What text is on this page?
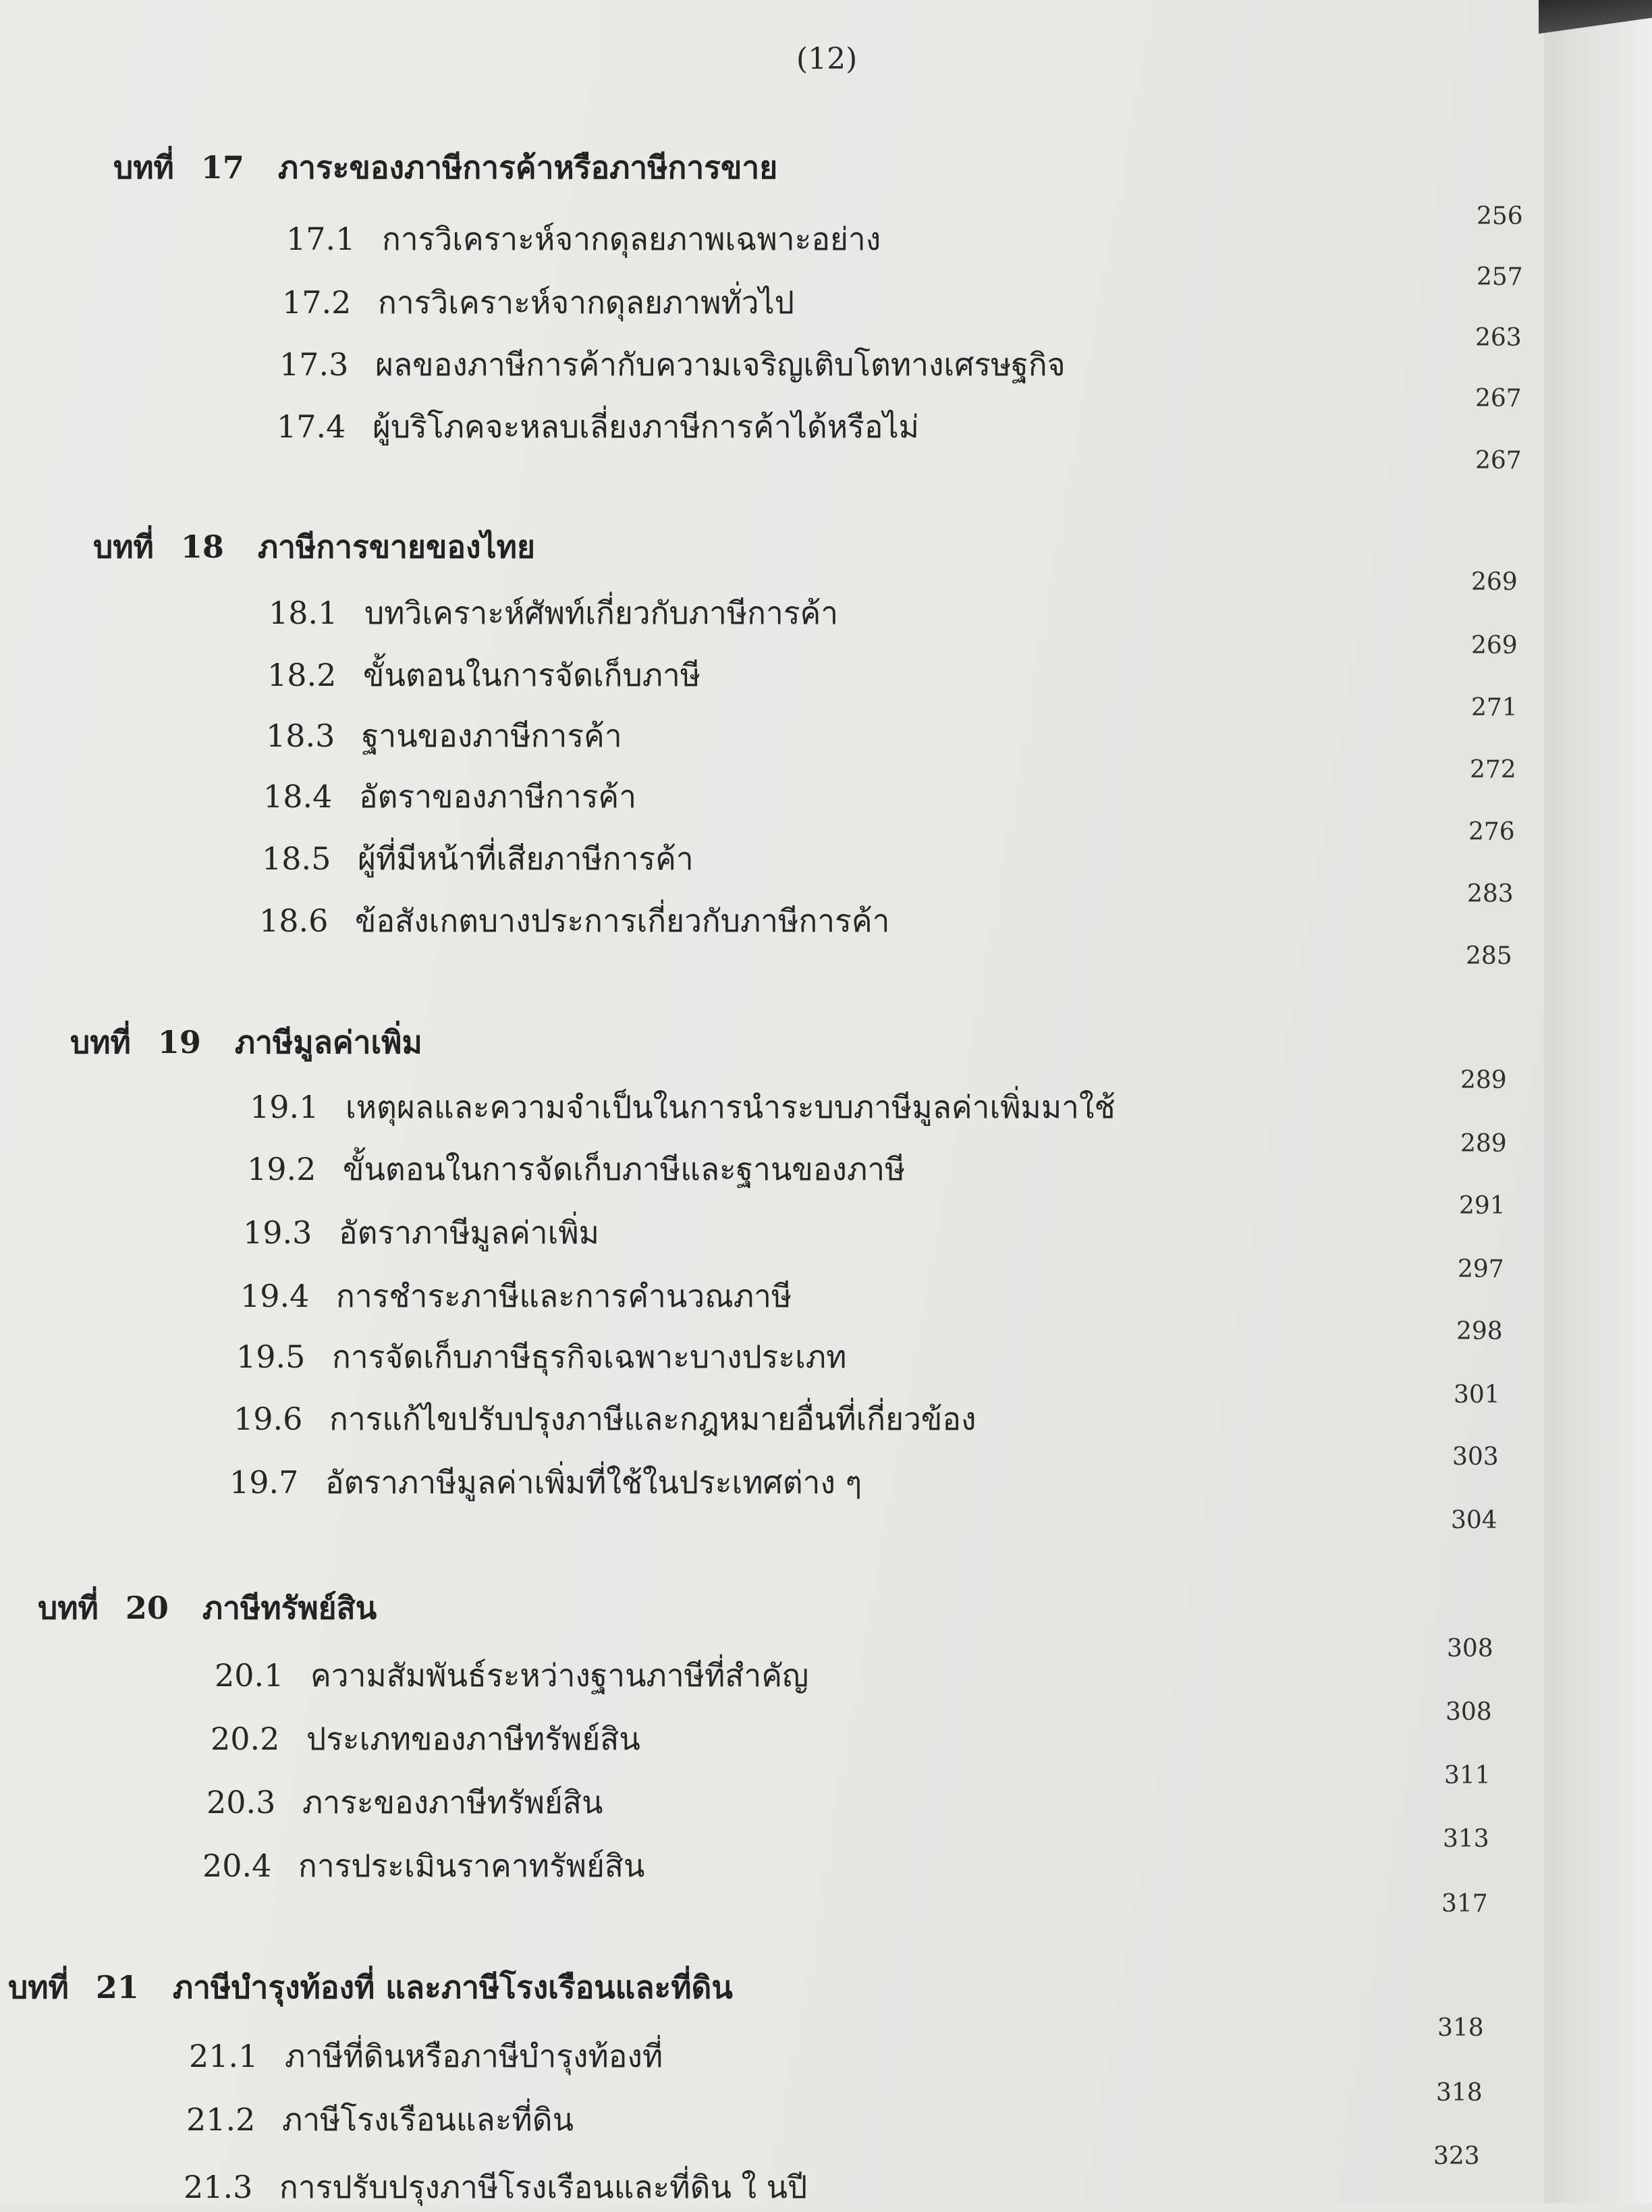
(12)
บทที่ 17 ภาระของภาษีการค้าหรือภาษีการขาย
256
17.1 การวิเคราะห์จากดุลยภาพเฉพาะอย่าง
257
17.2 การวิเคราะห์จากดุลยภาพทั่วไป
263
17.3 ผลของภาษีการค้ากับความเจริญเติบโตทางเศรษฐกิจ
267
17.4 ผู้บริโภคจะหลบเลี่ยงภาษีการค้าได้หรือไม่
267
บทที่ 18 ภาษีการขายของไทย
269
18.1 บทวิเคราะห์ศัพท์เกี่ยวกับภาษีการค้า
269
18.2 ขั้นตอนในการจัดเก็บภาษี
271
18.3 ฐานของภาษีการค้า
272
18.4 อัตราของภาษีการค้า
276
18.5 ผู้ที่มีหน้าที่เสียภาษีการค้า
283
18.6 ข้อสังเกตบางประการเกี่ยวกับภาษีการค้า
285
บทที่ 19 ภาษีมูลค่าเพิ่ม
289
19.1 เหตุผลและความจำเป็นในการนำระบบภาษีมูลค่าเพิ่มมาใช้
289
19.2 ขั้นตอนในการจัดเก็บภาษีและฐานของภาษี
291
19.3 อัตราภาษีมูลค่าเพิ่ม
297
19.4 การชำระภาษีและการคำนวณภาษี
298
19.5 การจัดเก็บภาษีธุรกิจเฉพาะบางประเภท
301
19.6 การแก้ไขปรับปรุงภาษีและกฎหมายอื่นที่เกี่ยวข้อง
303
19.7 อัตราภาษีมูลค่าเพิ่มที่ใช้ในประเทศต่าง ๆ
304
บทที่ 20 ภาษีทรัพย์สิน
308
20.1 ความสัมพันธ์ระหว่างฐานภาษีที่สำคัญ
308
20.2 ประเภทของภาษีทรัพย์สิน
311
20.3 ภาระของภาษีทรัพย์สิน
313
20.4 การประเมินราคาทรัพย์สิน
317
บทที่ 21 ภาษีบำรุงท้องที่ และภาษีโรงเรือนและที่ดิน
318
21.1 ภาษีที่ดินหรือภาษีบำรุงท้องที่
318
21.2 ภาษีโรงเรือนและที่ดิน
323
21.3 การปรับปรุงภาษีโรงเรือนและที่ดิน ใ นปี
